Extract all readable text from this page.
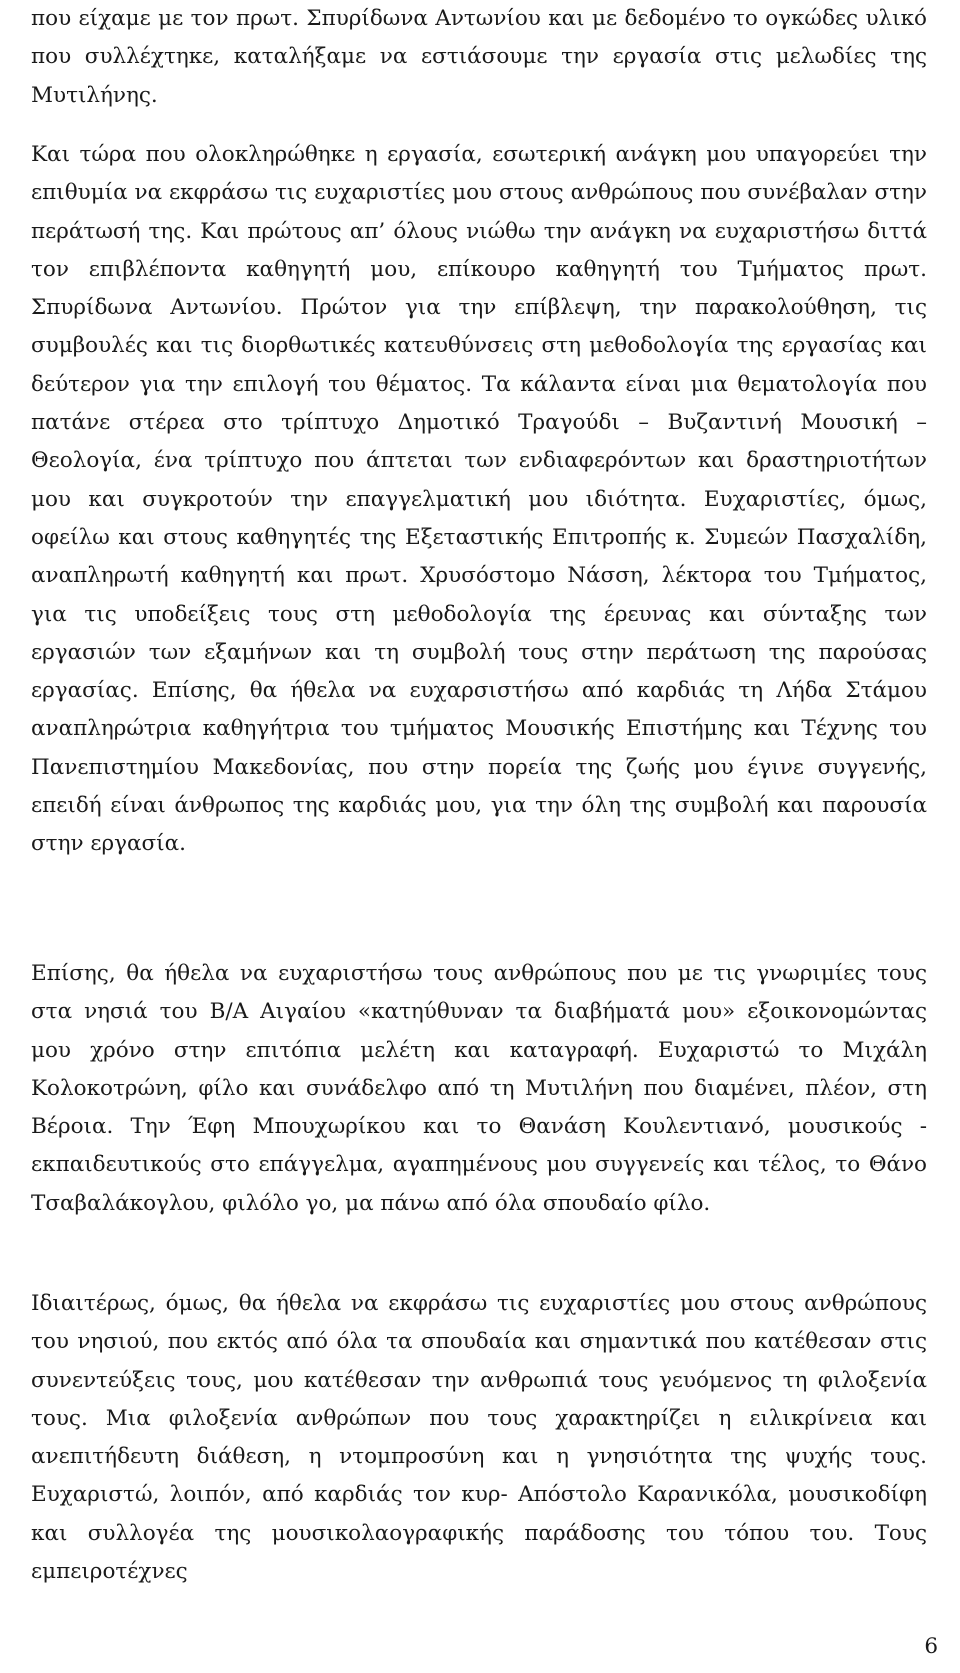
που είχαμε με τον πρωτ. Σπυρίδωνα Αντωνίου και με δεδομένο το ογκώδες υλικό που συλλέχτηκε, καταλήξαμε να εστιάσουμε την εργασία στις μελωδίες της Μυτιλήνης.

Και τώρα που ολοκληρώθηκε η εργασία, εσωτερική ανάγκη μου υπαγορεύει την επιθυμία να εκφράσω τις ευχαριστίες μου στους ανθρώπους που συνέβαλαν στην περάτωσή της. Και πρώτους απ’ όλους νιώθω την ανάγκη να ευχαριστήσω διττά τον επιβλέποντα καθηγητή μου, επίκουρο καθηγητή του Τμήματος πρωτ. Σπυρίδωνα Αντωνίου. Πρώτον για την επίβλεψη, την παρακολούθηση, τις συμβουλές και τις διορθωτικές κατευθύνσεις στη μεθοδολογία της εργασίας και δεύτερον για την επιλογή του θέματος. Τα κάλαντα είναι μια θεματολογία που πατάνε στέρεα στο τρίπτυχο Δημοτικό Τραγούδι – Βυζαντινή Μουσική – Θεολογία, ένα τρίπτυχο που άπτεται των ενδιαφερόντων και δραστηριοτήτων μου και συγκροτούν την επαγγελματική μου ιδιότητα. Ευχαριστίες, όμως, οφείλω και στους καθηγητές της Εξεταστικής Επιτροπής κ. Συμεών Πασχαλίδη, αναπληρωτή καθηγητή και πρωτ. Χρυσόστομο Νάσση, λέκτορα του Τμήματος, για τις υποδείξεις τους στη μεθοδολογία της έρευνας και σύνταξης των εργασιών των εξαμήνων και τη συμβολή τους στην περάτωση της παρούσας εργασίας. Επίσης, θα ήθελα να ευχαρσιστήσω από καρδιάς τη Λήδα Στάμου αναπληρώτρια καθηγήτρια του τμήματος Μουσικής Επιστήμης και Τέχνης του Πανεπιστημίου Μακεδονίας, που στην πορεία της ζωής μου έγινε συγγενής, επειδή είναι άνθρωπος της καρδιάς μου, για την όλη της συμβολή και παρουσία στην εργασία.

Επίσης, θα ήθελα να ευχαριστήσω τους ανθρώπους που με τις γνωριμίες τους στα νησιά του Β/Α Αιγαίου «κατηύθυναν τα διαβήματά μου» εξοικονομώντας μου χρόνο στην επιτόπια μελέτη και καταγραφή. Ευχαριστώ το Μιχάλη Κολοκοτρώνη, φίλο και συνάδελφο από τη Μυτιλήνη που διαμένει, πλέον, στη Βέροια. Την Έφη Μπουχωρίκου και το Θανάση Κουλεντιανό, μουσικούς - εκπαιδευτικούς στο επάγγελμα, αγαπημένους μου συγγενείς και τέλος, το Θάνο Τσαβαλάκογλου, φιλόλο γο, μα πάνω από όλα σπουδαίο φίλο.

Ιδιαιτέρως, όμως, θα ήθελα να εκφράσω τις ευχαριστίες μου στους ανθρώπους του νησιού, που εκτός από όλα τα σπουδαία και σημαντικά που κατέθεσαν στις συνεντεύξεις τους, μου κατέθεσαν την ανθρωπιά τους γευόμενος τη φιλοξενία τους. Μια φιλοξενία ανθρώπων που τους χαρακτηρίζει η ειλικρίνεια και ανεπιτήδευτη διάθεση, η ντομπροσύνη και η γνησιότητα της ψυχής τους. Ευχαριστώ, λοιπόν, από καρδιάς τον κυρ- Απόστολο Καρανικόλα, μουσικοδίφη και συλλογέα της μουσικολαογραφικής παράδοσης του τόπου του. Τους εμπειροτέχνες

6
